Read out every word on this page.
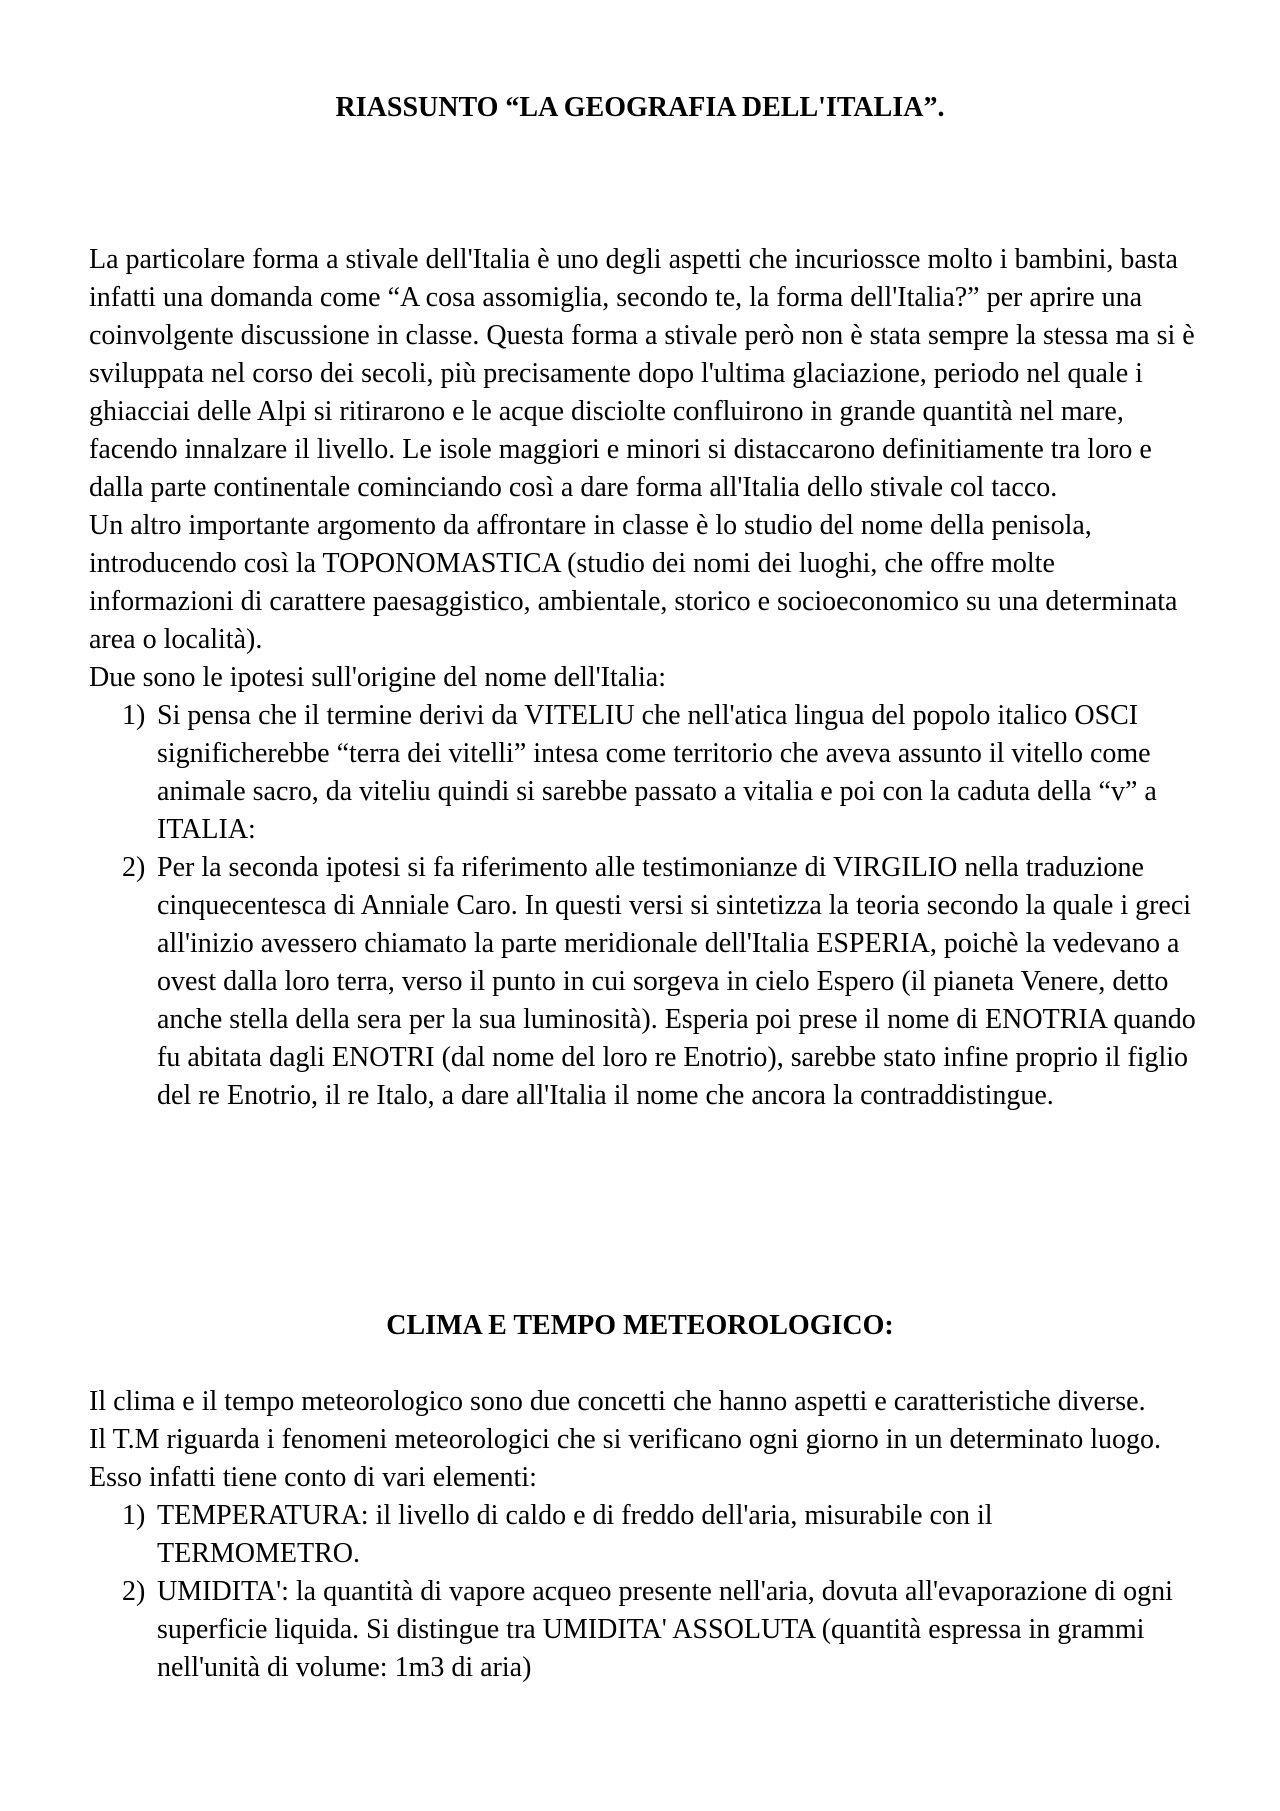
RIASSUNTO “LA GEOGRAFIA DELL'ITALIA”.

La particolare forma a stivale dell'Italia è uno degli aspetti che incuriossce molto i bambini, basta infatti una domanda come “A cosa assomiglia, secondo te, la forma dell'Italia?” per aprire una coinvolgente discussione in classe. Questa forma a stivale però non è stata sempre la stessa ma si è sviluppata nel corso dei secoli, più precisamente dopo l'ultima glaciazione, periodo nel quale i ghiacciai delle Alpi si ritirarono e le acque disciolte confluirono in grande quantità nel mare, facendo innalzare il livello. Le isole maggiori e minori si distaccarono definitiamente tra loro e dalla parte continentale cominciando così a dare forma all'Italia dello stivale col tacco.

Un altro importante argomento da affrontare in classe è lo studio del nome della penisola, introducendo così la TOPONOMASTICA (studio dei nomi dei luoghi, che offre molte informazioni di carattere paesaggistico, ambientale, storico e socioeconomico su una determinata area o località).

Due sono le ipotesi sull'origine del nome dell'Italia:

1) Si pensa che il termine derivi da VITELIU che nell'atica lingua del popolo italico OSCI significherebbe “terra dei vitelli” intesa come territorio che aveva assunto il vitello come animale sacro, da viteliu quindi si sarebbe passato a vitalia e poi con la caduta della “v” a ITALIA:
2) Per la seconda ipotesi si fa riferimento alle testimonianze di VIRGILIO nella traduzione cinquecentesca di Anniale Caro. In questi versi si sintetizza la teoria secondo la quale i greci all'inizio avessero chiamato la parte meridionale dell'Italia ESPERIA, poichè la vedevano a ovest dalla loro terra, verso il punto in cui sorgeva in cielo Espero (il pianeta Venere, detto anche stella della sera per la sua luminosità). Esperia poi prese il nome di ENOTRIA quando fu abitata dagli ENOTRI (dal nome del loro re Enotrio), sarebbe stato infine proprio il figlio del re Enotrio, il re Italo, a dare all'Italia il nome che ancora la contraddistingue.
CLIMA E TEMPO METEOROLOGICO:

Il clima e il tempo meteorologico sono due concetti che hanno aspetti e caratteristiche diverse.

Il T.M riguarda i fenomeni meteorologici che si verificano ogni giorno in un determinato luogo. Esso infatti tiene conto di vari elementi:

1) TEMPERATURA: il livello di caldo e di freddo dell'aria, misurabile con il TERMOMETRO.
2) UMIDITA': la quantità di vapore acqueo presente nell'aria, dovuta all'evaporazione di ogni superficie liquida. Si distingue tra UMIDITA' ASSOLUTA (quantità espressa in grammi nell'unità di volume: 1m3 di aria)
